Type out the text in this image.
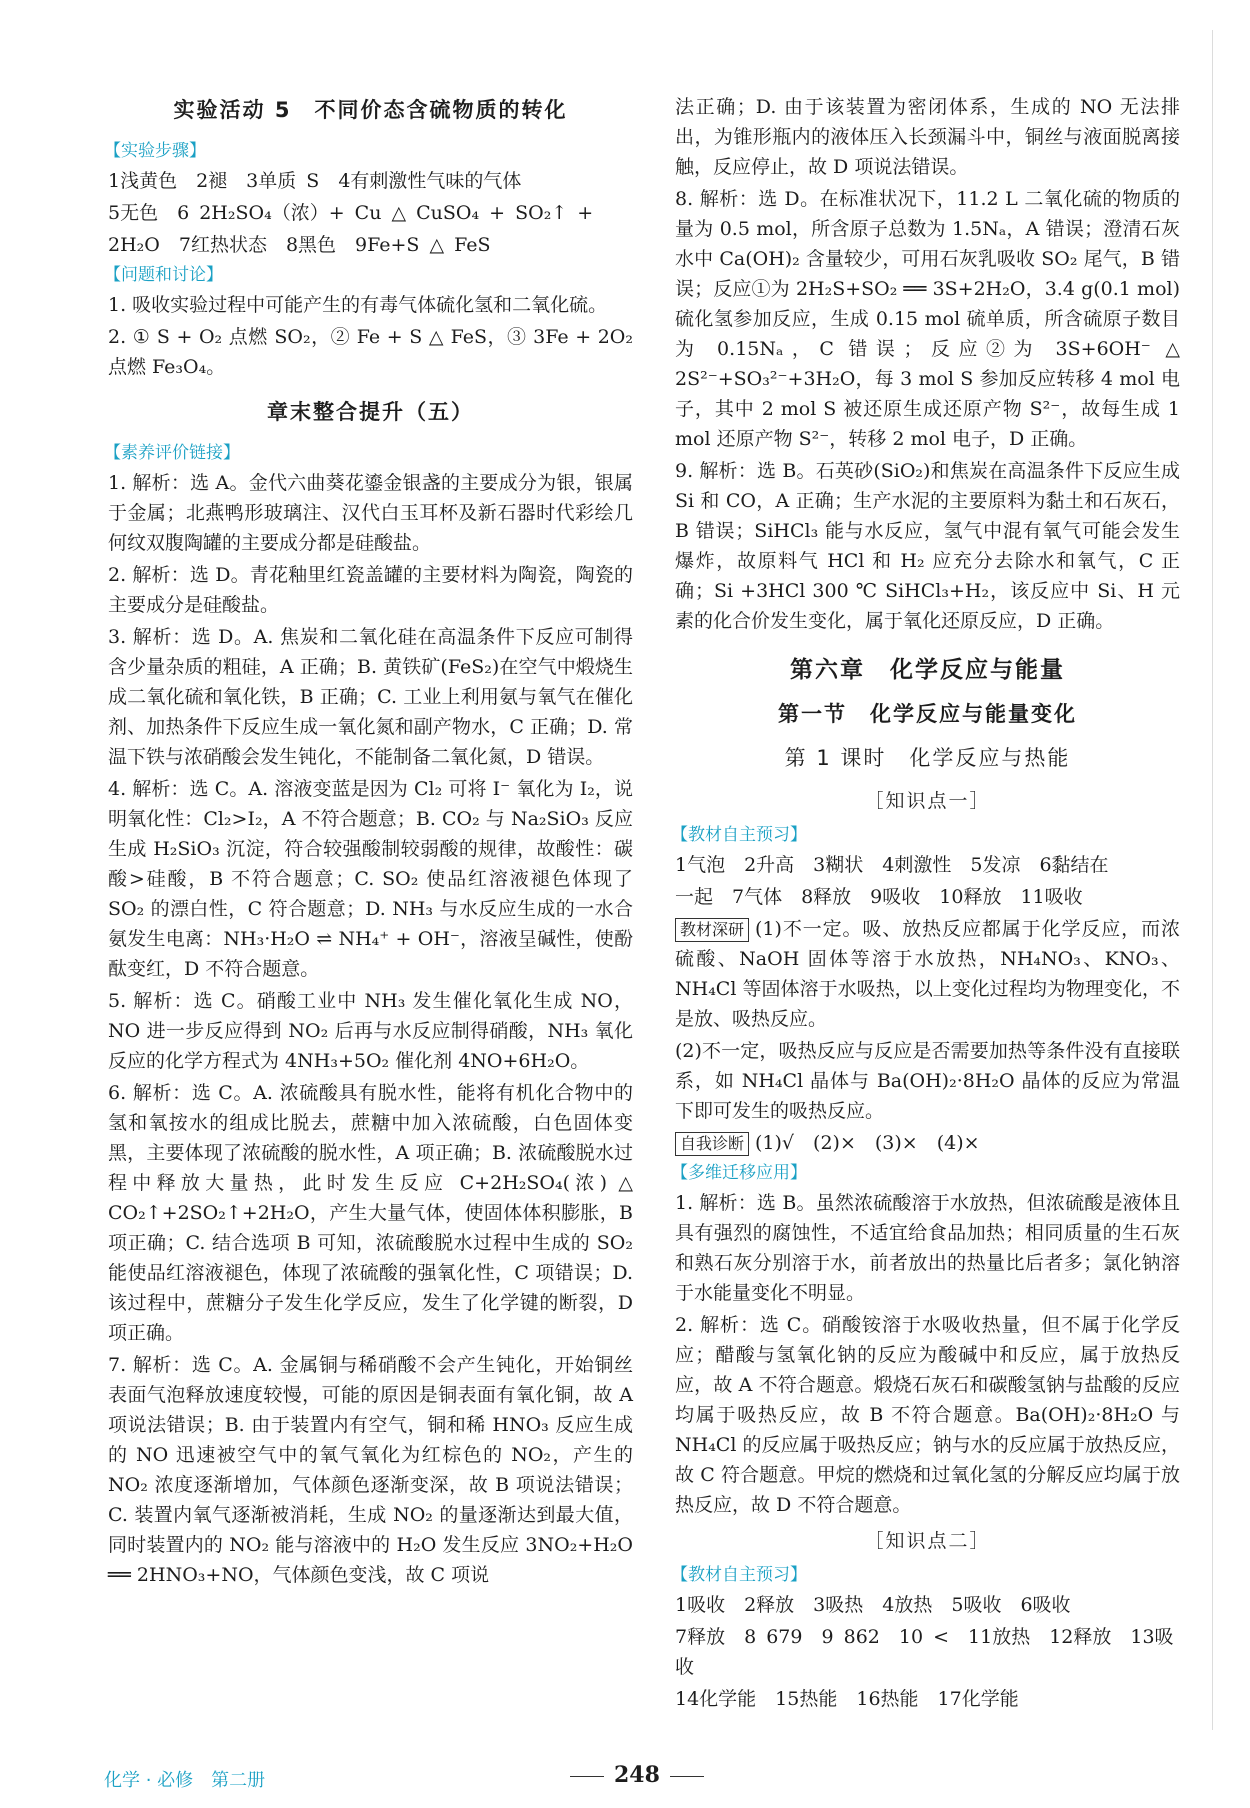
实验活动 5　不同价态含硫物质的转化
【实验步骤】
1浅黄色　2褪　3单质 S　4有刺激性气味的气体
5无色　6 2H₂SO₄（浓）+ Cu △ CuSO₄ + SO₂↑ +
2H₂O　7红热状态　8黑色　9Fe+S △ FeS
【问题和讨论】
1. 吸收实验过程中可能产生的有毒气体硫化氢和二氧化硫。
2. ① S + O₂ 点燃 SO₂，② Fe + S △ FeS，③ 3Fe + 2O₂ 点燃 Fe₃O₄。
章末整合提升（五）
【素养评价链接】
1. 解析：选 A。金代六曲葵花鎏金银盏的主要成分为银，银属于金属；北燕鸭形玻璃注、汉代白玉耳杯及新石器时代彩绘几何纹双腹陶罐的主要成分都是硅酸盐。
2. 解析：选 D。青花釉里红瓷盖罐的主要材料为陶瓷，陶瓷的主要成分是硅酸盐。
3. 解析：选 D。A. 焦炭和二氧化硅在高温条件下反应可制得含少量杂质的粗硅，A 正确；B. 黄铁矿(FeS₂)在空气中煅烧生成二氧化硫和氧化铁，B 正确；C. 工业上利用氨与氧气在催化剂、加热条件下反应生成一氧化氮和副产物水，C 正确；D. 常温下铁与浓硝酸会发生钝化，不能制备二氧化氮，D 错误。
4. 解析：选 C。A. 溶液变蓝是因为 Cl₂ 可将 I⁻ 氧化为 I₂，说明氧化性：Cl₂>I₂，A 不符合题意；B. CO₂ 与 Na₂SiO₃ 反应生成 H₂SiO₃ 沉淀，符合较强酸制较弱酸的规律，故酸性：碳酸>硅酸，B 不符合题意；C. SO₂ 使品红溶液褪色体现了 SO₂ 的漂白性，C 符合题意；D. NH₃ 与水反应生成的一水合氨发生电离：NH₃·H₂O ⇌ NH₄⁺ + OH⁻，溶液呈碱性，使酚酞变红，D 不符合题意。
5. 解析：选 C。硝酸工业中 NH₃ 发生催化氧化生成 NO，NO 进一步反应得到 NO₂ 后再与水反应制得硝酸，NH₃ 氧化反应的化学方程式为 4NH₃+5O₂ 催化剂 4NO+6H₂O。
6. 解析：选 C。A. 浓硫酸具有脱水性，能将有机化合物中的氢和氧按水的组成比脱去，蔗糖中加入浓硫酸，白色固体变黑，主要体现了浓硫酸的脱水性，A 项正确；B. 浓硫酸脱水过程中释放大量热，此时发生反应 C+2H₂SO₄(浓) △ CO₂↑+2SO₂↑+2H₂O，产生大量气体，使固体体积膨胀，B 项正确；C. 结合选项 B 可知，浓硫酸脱水过程中生成的 SO₂ 能使品红溶液褪色，体现了浓硫酸的强氧化性，C 项错误；D. 该过程中，蔗糖分子发生化学反应，发生了化学键的断裂，D 项正确。
7. 解析：选 C。A. 金属铜与稀硝酸不会产生钝化，开始铜丝表面气泡释放速度较慢，可能的原因是铜表面有氧化铜，故 A 项说法错误；B. 由于装置内有空气，铜和稀 HNO₃ 反应生成的 NO 迅速被空气中的氧气氧化为红棕色的 NO₂，产生的 NO₂ 浓度逐渐增加，气体颜色逐渐变深，故 B 项说法错误；C. 装置内氧气逐渐被消耗，生成 NO₂ 的量逐渐达到最大值，同时装置内的 NO₂ 能与溶液中的 H₂O 发生反应 3NO₂+H₂O ══ 2HNO₃+NO，气体颜色变浅，故 C 项说
法正确；D. 由于该装置为密闭体系，生成的 NO 无法排出，为锥形瓶内的液体压入长颈漏斗中，铜丝与液面脱离接触，反应停止，故 D 项说法错误。
8. 解析：选 D。在标准状况下，11.2 L 二氧化硫的物质的量为 0.5 mol，所含原子总数为 1.5Nₐ，A 错误；澄清石灰水中 Ca(OH)₂ 含量较少，可用石灰乳吸收 SO₂ 尾气，B 错误；反应①为 2H₂S+SO₂ ══ 3S+2H₂O，3.4 g(0.1 mol)硫化氢参加反应，生成 0.15 mol 硫单质，所含硫原子数目为 0.15Nₐ，C 错误；反应②为 3S+6OH⁻ △ 2S²⁻+SO₃²⁻+3H₂O，每 3 mol S 参加反应转移 4 mol 电子，其中 2 mol S 被还原生成还原产物 S²⁻，故每生成 1 mol 还原产物 S²⁻，转移 2 mol 电子，D 正确。
9. 解析：选 B。石英砂(SiO₂)和焦炭在高温条件下反应生成 Si 和 CO，A 正确；生产水泥的主要原料为黏土和石灰石，B 错误；SiHCl₃ 能与水反应，氢气中混有氧气可能会发生爆炸，故原料气 HCl 和 H₂ 应充分去除水和氧气，C 正确；Si +3HCl 300 ℃ SiHCl₃+H₂，该反应中 Si、H 元素的化合价发生变化，属于氧化还原反应，D 正确。
第六章　化学反应与能量
第一节　化学反应与能量变化
第 1 课时　化学反应与热能
［知识点一］
【教材自主预习】
1气泡　2升高　3糊状　4刺激性　5发凉　6黏结在
一起　7气体　8释放　9吸收　10释放　11吸收
教材深研 (1)不一定。吸、放热反应都属于化学反应，而浓硫酸、NaOH 固体等溶于水放热，NH₄NO₃、KNO₃、NH₄Cl 等固体溶于水吸热，以上变化过程均为物理变化，不是放、吸热反应。
(2)不一定，吸热反应与反应是否需要加热等条件没有直接联系，如 NH₄Cl 晶体与 Ba(OH)₂·8H₂O 晶体的反应为常温下即可发生的吸热反应。
自我诊断 (1)√　(2)×　(3)×　(4)×
【多维迁移应用】
1. 解析：选 B。虽然浓硫酸溶于水放热，但浓硫酸是液体且具有强烈的腐蚀性，不适宜给食品加热；相同质量的生石灰和熟石灰分别溶于水，前者放出的热量比后者多；氯化钠溶于水能量变化不明显。
2. 解析：选 C。硝酸铵溶于水吸收热量，但不属于化学反应；醋酸与氢氧化钠的反应为酸碱中和反应，属于放热反应，故 A 不符合题意。煅烧石灰石和碳酸氢钠与盐酸的反应均属于吸热反应，故 B 不符合题意。Ba(OH)₂·8H₂O 与 NH₄Cl 的反应属于吸热反应；钠与水的反应属于放热反应，故 C 符合题意。甲烷的燃烧和过氧化氢的分解反应均属于放热反应，故 D 不符合题意。
［知识点二］
【教材自主预习】
1吸收　2释放　3吸热　4放热　5吸收　6吸收
7释放　8 679　9 862　10 <　11放热　12释放　13吸收
14化学能　15热能　16热能　17化学能
化学 · 必修　第二册	248
